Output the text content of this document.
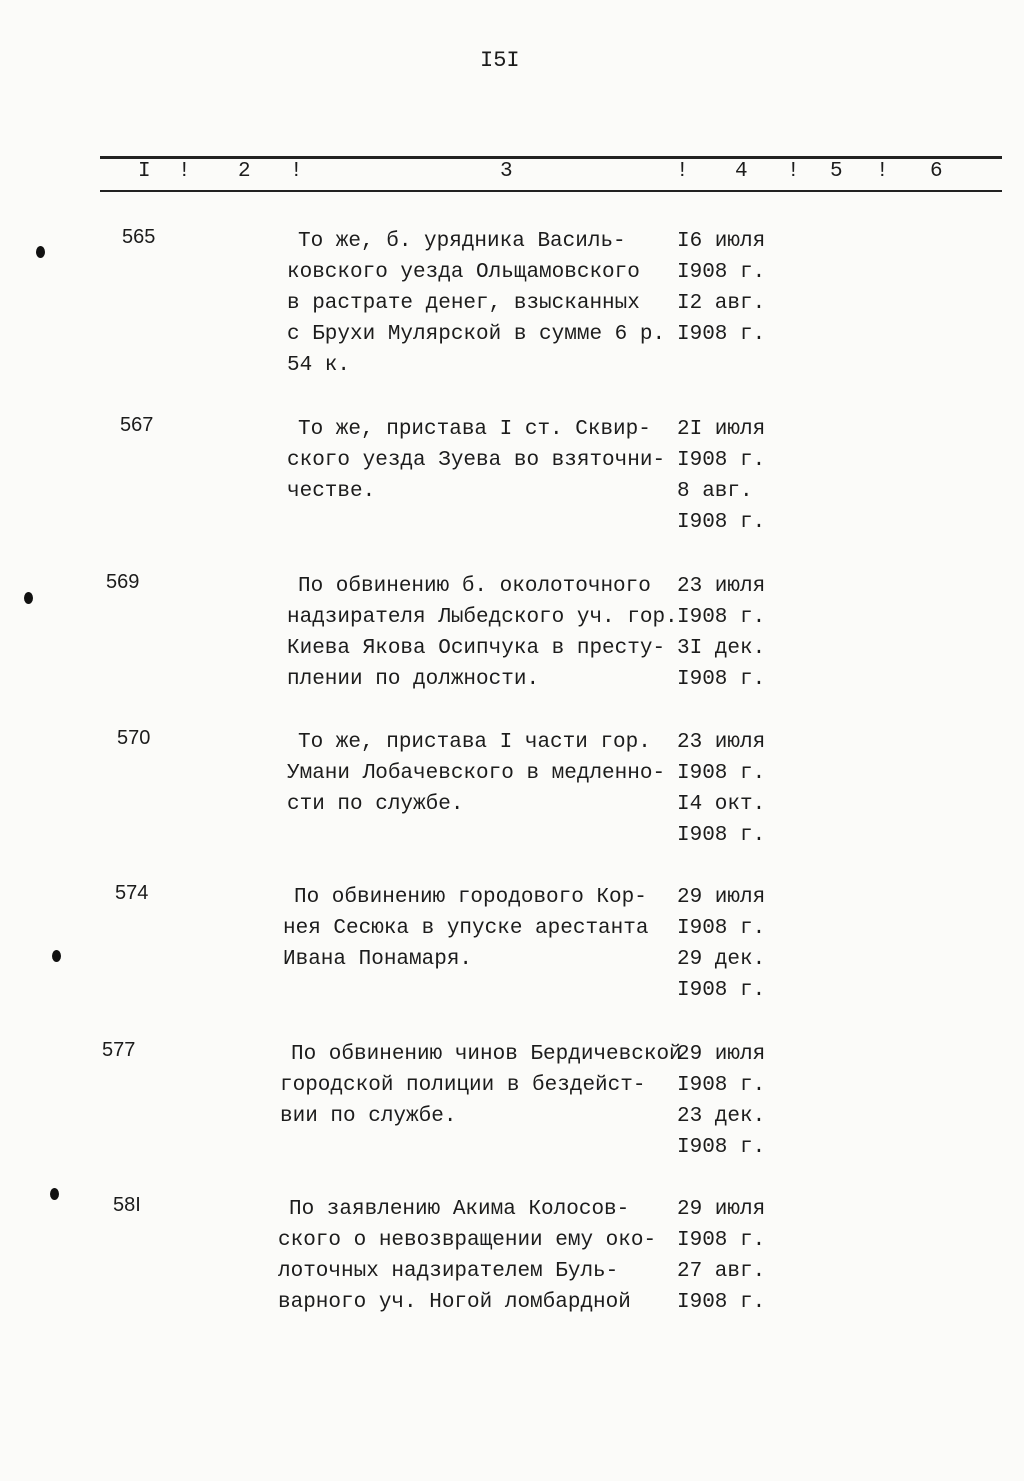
I5I
I ! 2 !	3	! 4 ! 5 ! 6
565	То же, б. урядника Василь-
ковского уезда Ольщамовского
в растрате денег, взысканных
с Брухи Мулярской в сумме 6 р.
54 к.
I6 июля
I908 г.
I2 авг.
I908 г.
567	То же, пристава I ст. Сквир-
ского уезда Зуева во взяточни-
честве.
2I июля
I908 г.
8 авг.
I908 г.
569	По обвинению б. околоточного
надзирателя Лыбедского уч. гор.
Киева Якова Осипчука в престу-
плении по должности.
23 июля
I908 г.
3I дек.
I908 г.
570	То же, пристава I части гор.
Умани Лобачевского в медленно-
сти по службе.
23 июля
I908 г.
I4 окт.
I908 г.
574	По обвинению городового Кор-
нея Сесюка в упуске арестанта
Ивана Понамаря.
29 июля
I908 г.
29 дек.
I908 г.
577	По обвинению чинов Бердичевской
городской полиции в бездейст-
вии по службе.
29 июля
I908 г.
23 дек.
I908 г.
58I	По заявлению Акима Колосов-
ского о невозвращении ему око-
лоточных надзирателем Буль-
варного уч. Ногой ломбардной
29 июля
I908 г.
27 авг.
I908 г.
